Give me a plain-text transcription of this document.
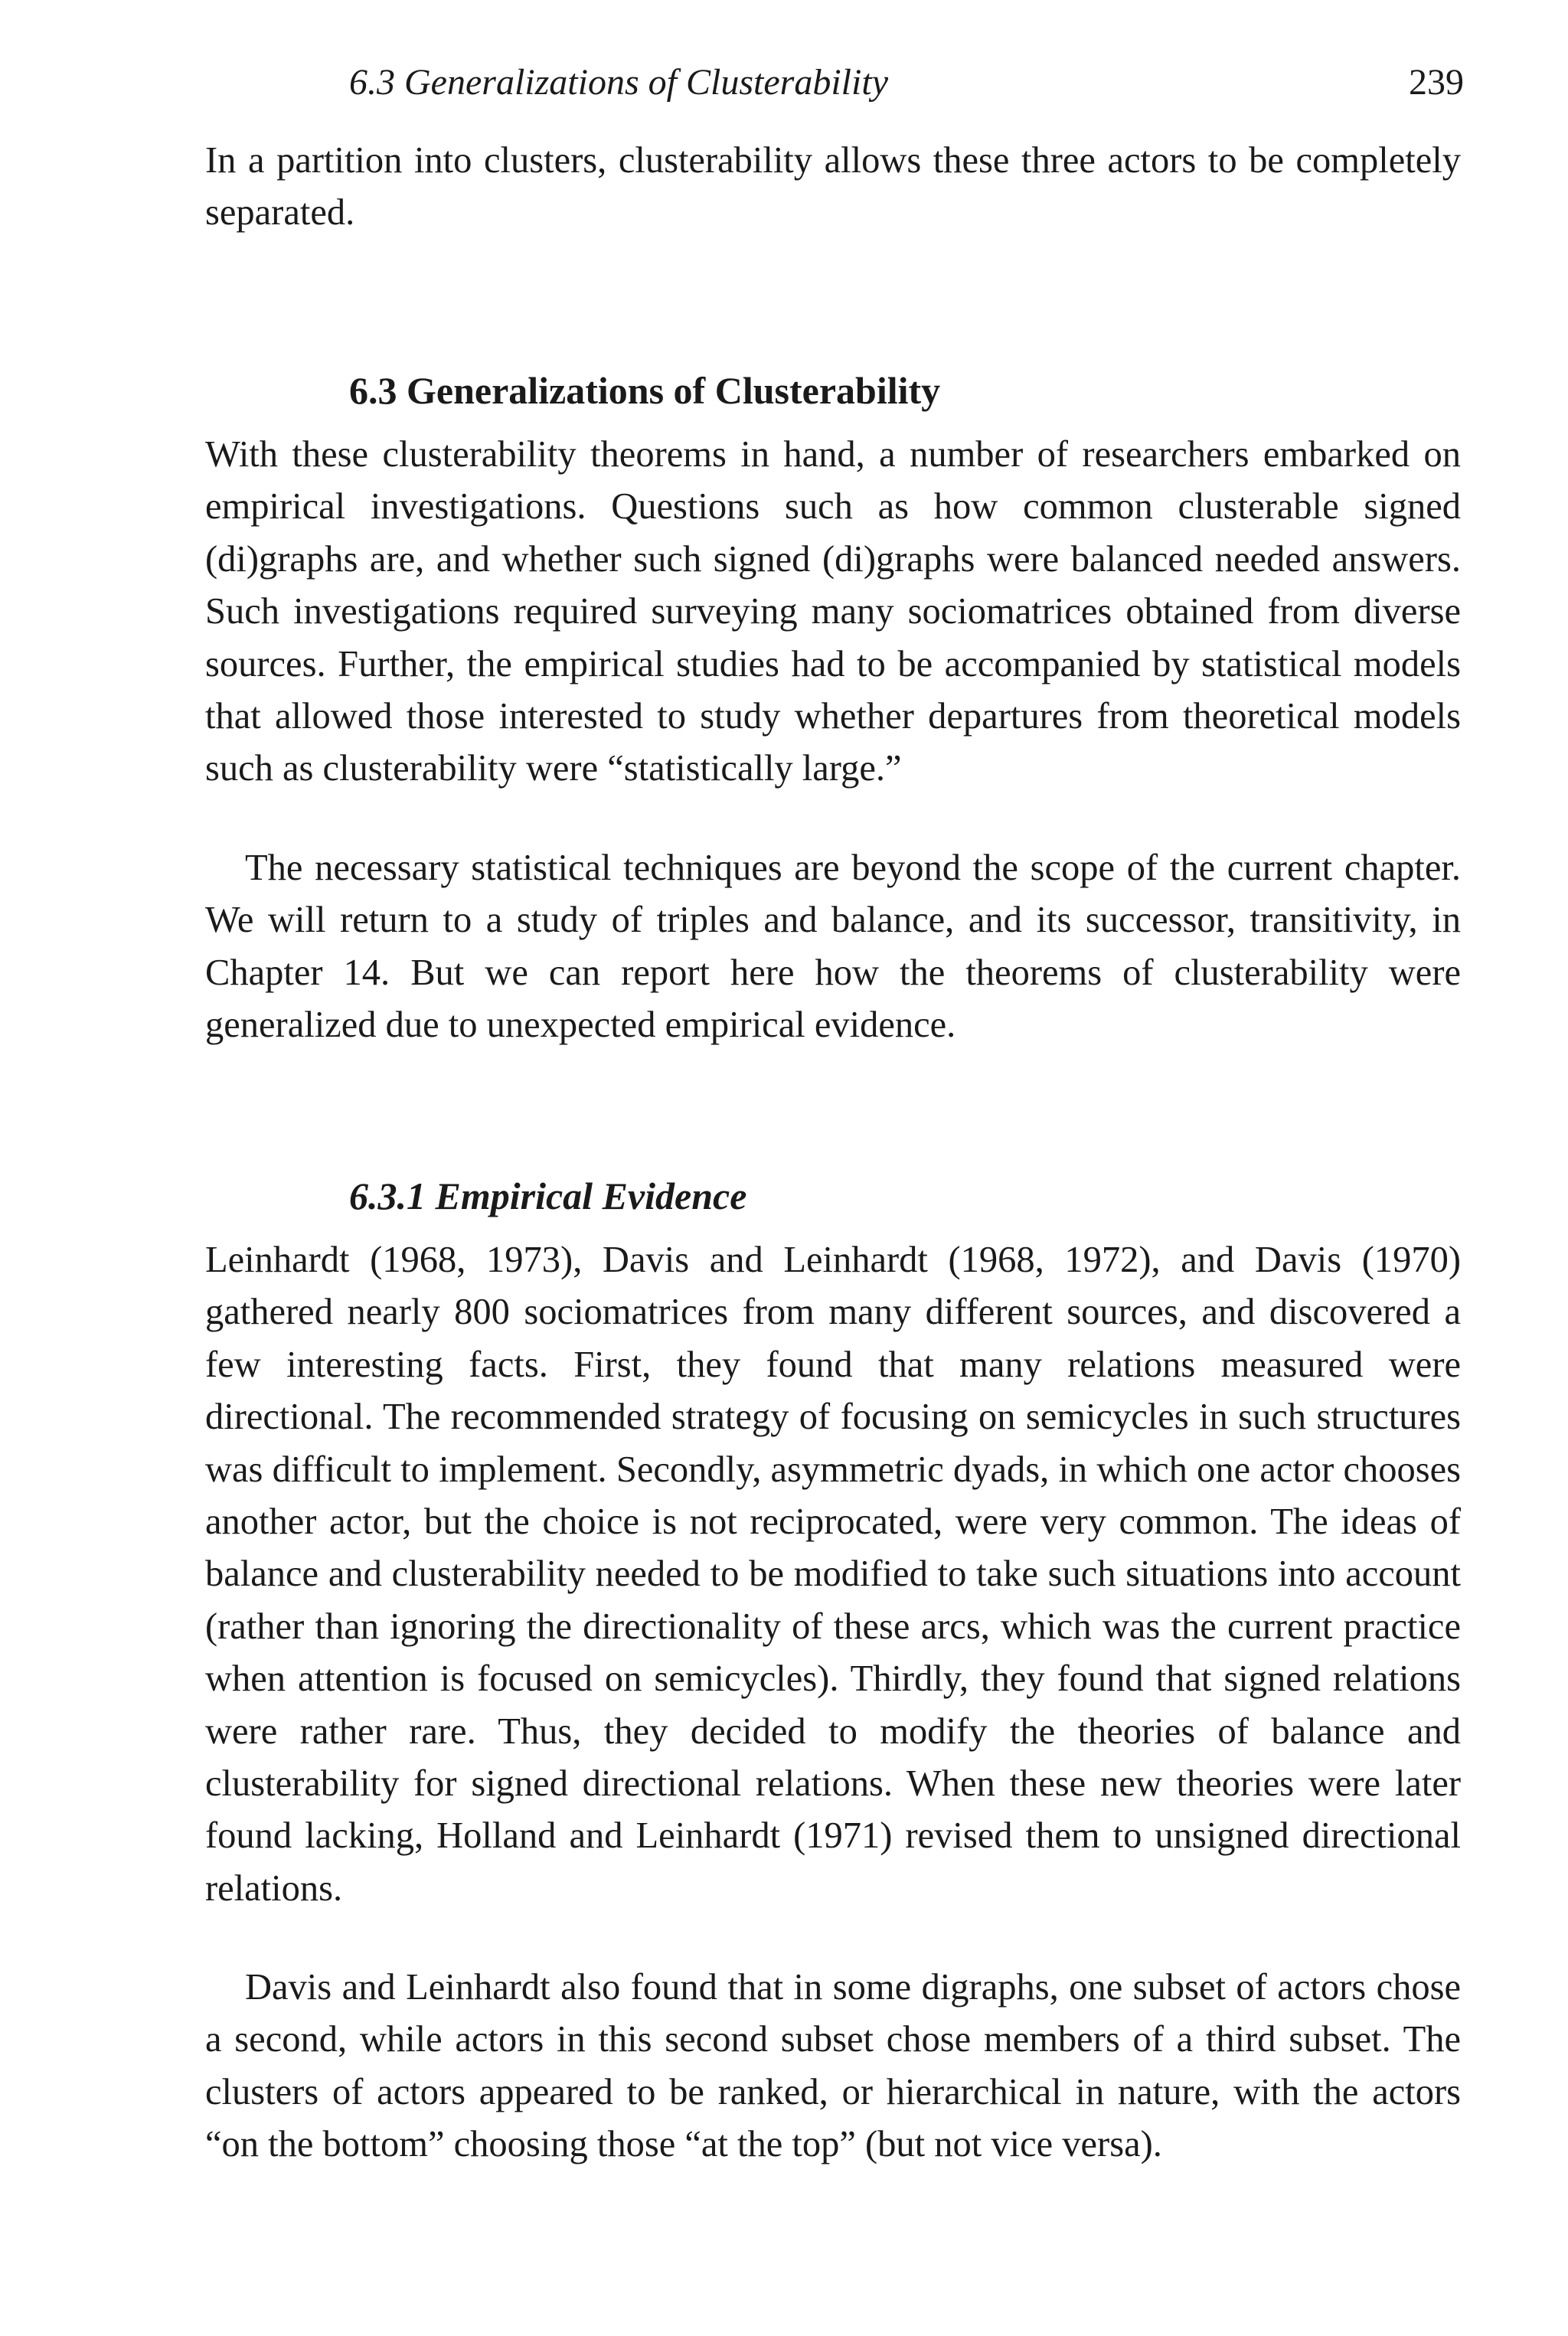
6.3 Generalizations of Clusterability	239

In a partition into clusters, clusterability allows these three actors to be completely separated.

6.3 Generalizations of Clusterability

With these clusterability theorems in hand, a number of researchers embarked on empirical investigations. Questions such as how common clusterable signed (di)graphs are, and whether such signed (di)graphs were balanced needed answers. Such investigations required surveying many sociomatrices obtained from diverse sources. Further, the empirical studies had to be accompanied by statistical models that allowed those interested to study whether departures from theoretical models such as clusterability were “statistically large.”

The necessary statistical techniques are beyond the scope of the current chapter. We will return to a study of triples and balance, and its successor, transitivity, in Chapter 14. But we can report here how the theorems of clusterability were generalized due to unexpected empirical evidence.

6.3.1 Empirical Evidence

Leinhardt (1968, 1973), Davis and Leinhardt (1968, 1972), and Davis (1970) gathered nearly 800 sociomatrices from many different sources, and discovered a few interesting facts. First, they found that many relations measured were directional. The recommended strategy of focusing on semicycles in such structures was difficult to implement. Secondly, asymmetric dyads, in which one actor chooses another actor, but the choice is not reciprocated, were very common. The ideas of balance and clusterability needed to be modified to take such situations into account (rather than ignoring the directionality of these arcs, which was the current practice when attention is focused on semicycles). Thirdly, they found that signed relations were rather rare. Thus, they decided to modify the theories of balance and clusterability for signed directional relations. When these new theories were later found lacking, Holland and Leinhardt (1971) revised them to unsigned directional relations.

Davis and Leinhardt also found that in some digraphs, one subset of actors chose a second, while actors in this second subset chose members of a third subset. The clusters of actors appeared to be ranked, or hierarchical in nature, with the actors “on the bottom” choosing those “at the top” (but not vice versa).
